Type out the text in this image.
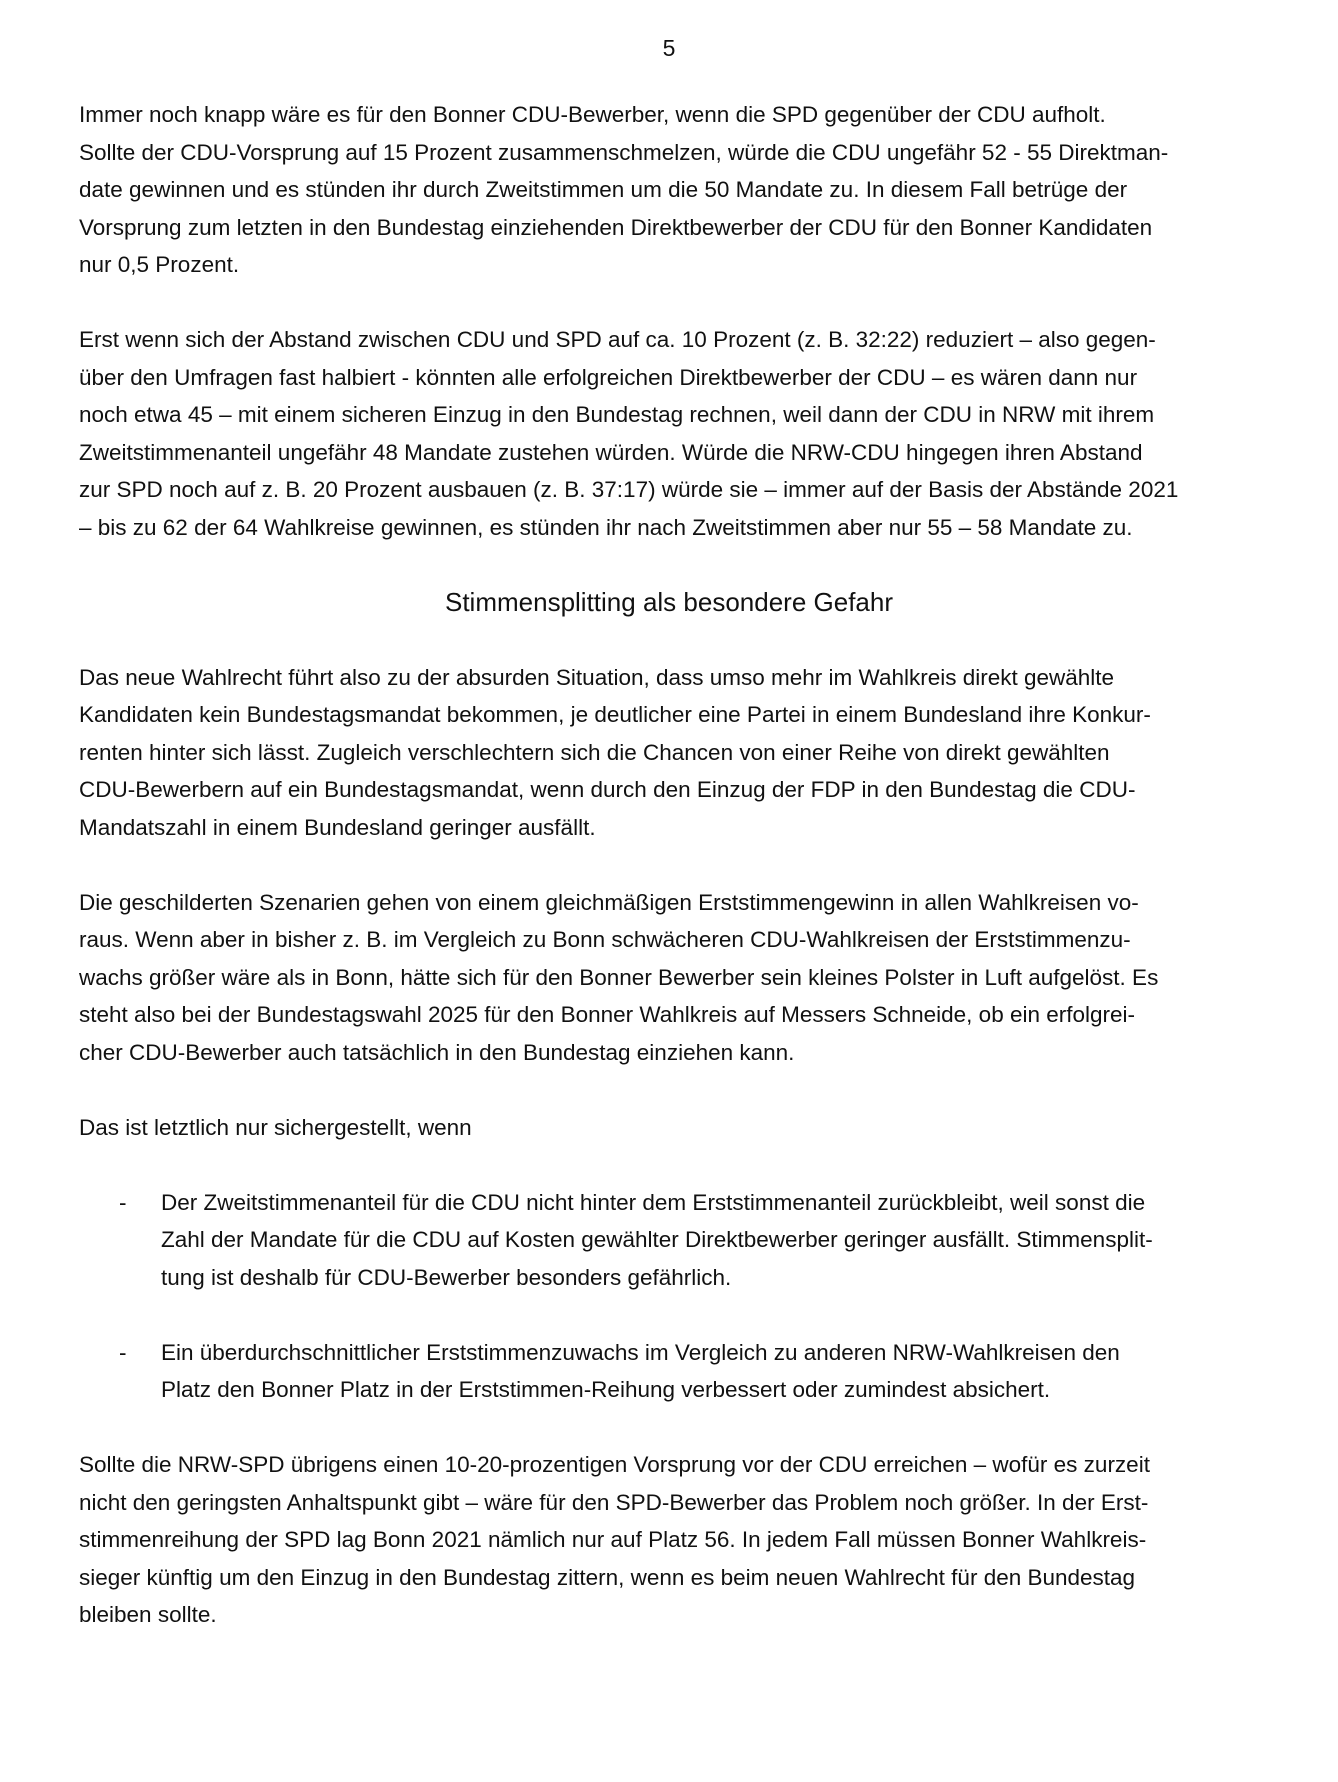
5

Immer noch knapp wäre es für den Bonner CDU-Bewerber, wenn die SPD gegenüber der CDU aufholt.
Sollte der CDU-Vorsprung auf 15 Prozent zusammenschmelzen, würde die CDU ungefähr 52 - 55 Direktman-
date gewinnen und es stünden ihr durch Zweitstimmen um die 50 Mandate zu. In diesem Fall betrüge der
Vorsprung zum letzten in den Bundestag einziehenden Direktbewerber der CDU für den Bonner Kandidaten
nur 0,5 Prozent.

Erst wenn sich der Abstand zwischen CDU und SPD auf ca. 10 Prozent (z. B. 32:22) reduziert – also gegen-
über den Umfragen fast halbiert - könnten alle erfolgreichen Direktbewerber der CDU – es wären dann nur
noch etwa 45 – mit einem sicheren Einzug in den Bundestag rechnen, weil dann der CDU in NRW mit ihrem
Zweitstimmenanteil ungefähr 48 Mandate zustehen würden. Würde die NRW-CDU hingegen ihren Abstand
zur SPD noch auf z. B. 20 Prozent ausbauen (z. B. 37:17) würde sie – immer auf der Basis der Abstände 2021
– bis zu 62 der 64 Wahlkreise gewinnen, es stünden ihr nach Zweitstimmen aber nur 55 – 58 Mandate zu.

Stimmensplitting als besondere Gefahr

Das neue Wahlrecht führt also zu der absurden Situation, dass umso mehr im Wahlkreis direkt gewählte
Kandidaten kein Bundestagsmandat bekommen, je deutlicher eine Partei in einem Bundesland ihre Konkur-
renten hinter sich lässt. Zugleich verschlechtern sich die Chancen von einer Reihe von direkt gewählten
CDU-Bewerbern auf ein Bundestagsmandat, wenn durch den Einzug der FDP in den Bundestag die CDU-
Mandatszahl in einem Bundesland geringer ausfällt.

Die geschilderten Szenarien gehen von einem gleichmäßigen Erststimmengewinn in allen Wahlkreisen vo-
raus. Wenn aber in bisher z. B. im Vergleich zu Bonn schwächeren CDU-Wahlkreisen der Erststimmenzu-
wachs größer wäre als in Bonn, hätte sich für den Bonner Bewerber sein kleines Polster in Luft aufgelöst. Es
steht also bei der Bundestagswahl 2025 für den Bonner Wahlkreis auf Messers Schneide, ob ein erfolgrei-
cher CDU-Bewerber auch tatsächlich in den Bundestag einziehen kann.

Das ist letztlich nur sichergestellt, wenn

- Der Zweitstimmenanteil für die CDU nicht hinter dem Erststimmenanteil zurückbleibt, weil sonst die
Zahl der Mandate für die CDU auf Kosten gewählter Direktbewerber geringer ausfällt. Stimmensplit-
tung ist deshalb für CDU-Bewerber besonders gefährlich.
- Ein überdurchschnittlicher Erststimmenzuwachs im Vergleich zu anderen NRW-Wahlkreisen den
Platz den Bonner Platz in der Erststimmen-Reihung verbessert oder zumindest absichert.

Sollte die NRW-SPD übrigens einen 10-20-prozentigen Vorsprung vor der CDU erreichen – wofür es zurzeit
nicht den geringsten Anhaltspunkt gibt – wäre für den SPD-Bewerber das Problem noch größer. In der Erst-
stimmenreihung der SPD lag Bonn 2021 nämlich nur auf Platz 56. In jedem Fall müssen Bonner Wahlkreis-
sieger künftig um den Einzug in den Bundestag zittern, wenn es beim neuen Wahlrecht für den Bundestag
bleiben sollte.
